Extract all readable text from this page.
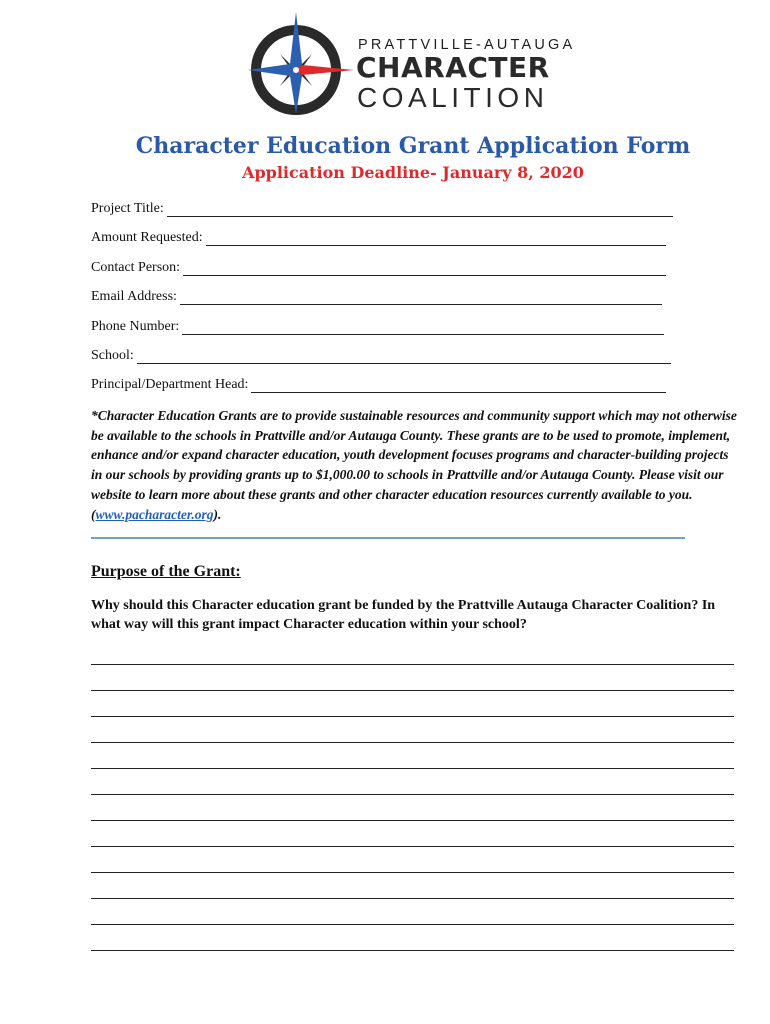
PRATTVILLE-AUTAUGA
CHARACTER
COALITION
Character Education Grant Application Form
Application Deadline- January 8, 2020
Project Title:
Amount Requested:
Contact Person:
Email Address:
Phone Number:
School:
Principal/Department Head:
*Character Education Grants are to provide sustainable resources and community support which may not otherwise be available to the schools in Prattville and/or Autauga County. These grants are to be used to promote, implement, enhance and/or expand character education, youth development focuses programs and character-building projects in our schools by providing grants up to $1,000.00 to schools in Prattville and/or Autauga County. Please visit our website to learn more about these grants and other character education resources currently available to you. (www.pacharacter.org).
Purpose of the Grant:
Why should this Character education grant be funded by the Prattville Autauga Character Coalition? In what way will this grant impact Character education within your school?
